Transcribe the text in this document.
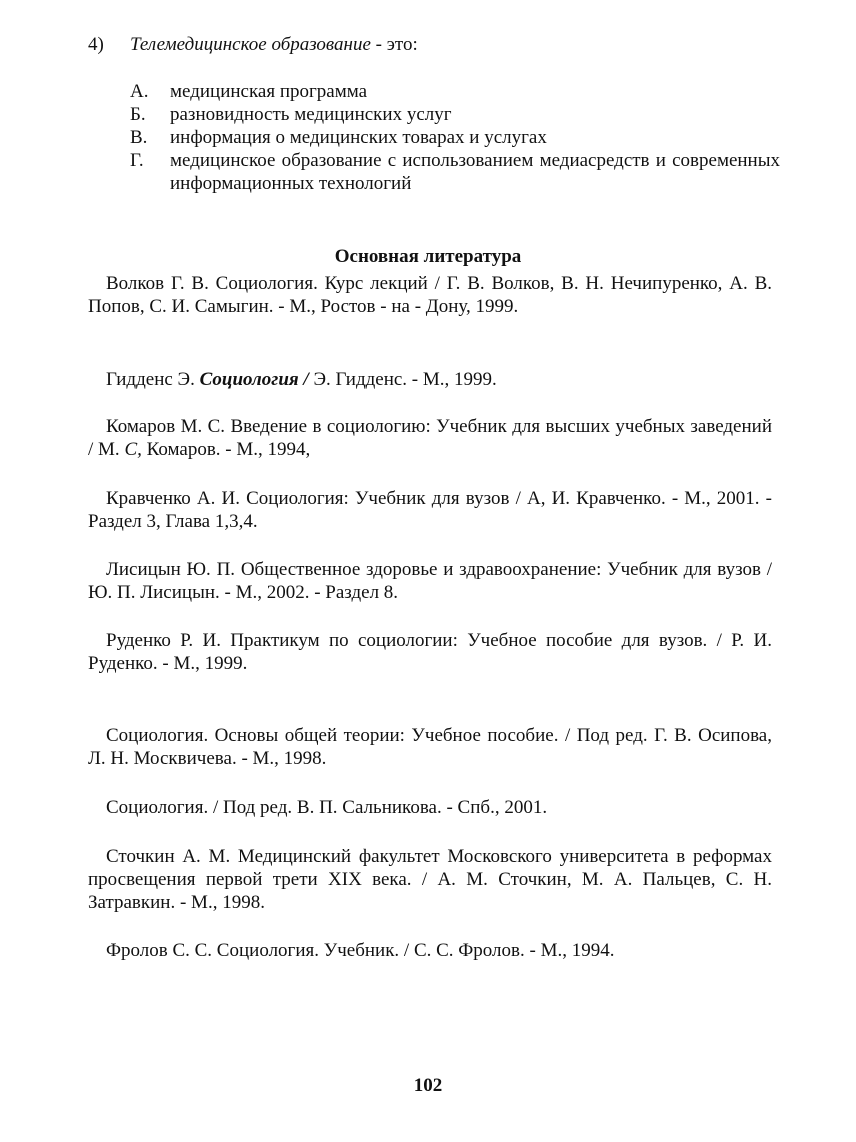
4) Телемедицинское образование - это:
А.	медицинская программа
Б.	разновидность медицинских услуг
В.	информация о медицинских товарах и услугах
Г.	медицинское образование с использованием медиасредств и современных информационных технологий
Основная литература

Волков Г. В. Социология. Курс лекций / Г. В. Волков, В. Н. Нечипуренко, А. В. Попов, С. И. Самыгин. - М., Ростов - на - Дону, 1999.

Гидденс Э. Социология / Э. Гидденс. - М., 1999.

Комаров М. С. Введение в социологию: Учебник для высших учебных заведений / М. С, Комаров. - М., 1994,

Кравченко А. И. Социология: Учебник для вузов / А, И. Кравченко. - М., 2001. - Раздел 3, Глава 1,3,4.

Лисицын Ю. П. Общественное здоровье и здравоохранение: Учебник для вузов / Ю. П. Лисицын. - М., 2002. - Раздел 8.

Руденко Р. И. Практикум по социологии: Учебное пособие для вузов. / Р. И. Руденко. - М., 1999.

Социология. Основы общей теории: Учебное пособие. / Под ред. Г. В. Осипова, Л. Н. Москвичева. - М., 1998.

Социология. / Под ред. В. П. Сальникова. - Спб., 2001.

Сточкин А. М. Медицинский факультет Московского университета в реформах просвещения первой трети XIX века. / А. М. Сточкин, М. А. Пальцев, С. Н. Затравкин. - М., 1998.

Фролов С. С. Социология. Учебник. / С. С. Фролов. - М., 1994.

102
